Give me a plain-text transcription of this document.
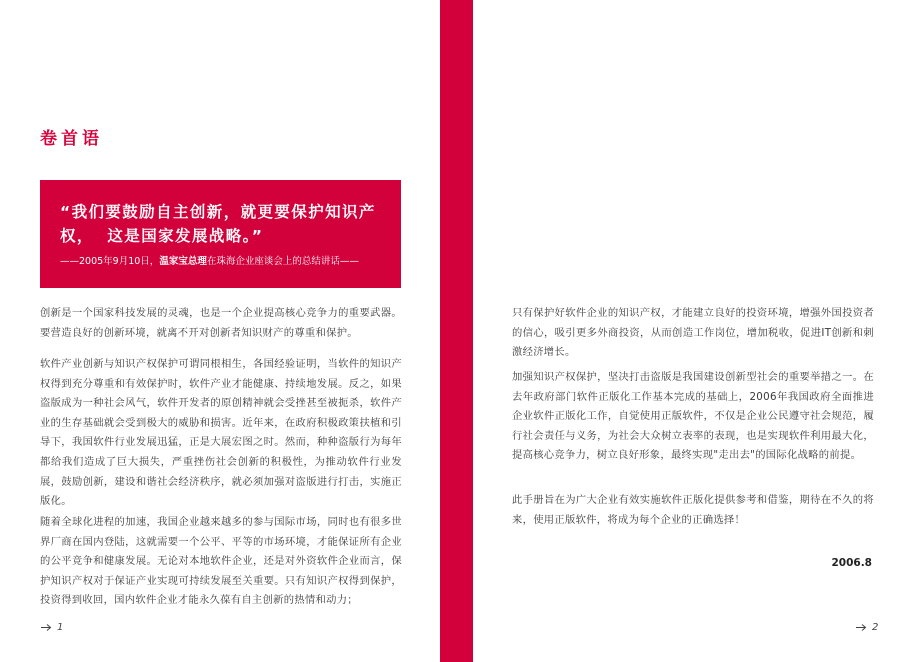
卷首语

“我们要鼓励自主创新，就更要保护知识产权，  这是国家发展战略。”

——2005年9月10日，温家宝总理在珠海企业座谈会上的总结讲话——

创新是一个国家科技发展的灵魂，也是一个企业提高核心竞争力的重要武器。要营造良好的创新环境，就离不开对创新者知识财产的尊重和保护。

软件产业创新与知识产权保护可谓同根相生，各国经验证明，当软件的知识产权得到充分尊重和有效保护时，软件产业才能健康、持续地发展。反之，如果盗版成为一种社会风气，软件开发者的原创精神就会受挫甚至被扼杀，软件产业的生存基础就会受到极大的威胁和损害。近年来，在政府积极政策扶植和引导下，我国软件行业发展迅猛，正是大展宏图之时。然而，种种盗版行为每年都给我们造成了巨大损失，严重挫伤社会创新的积极性，为推动软件行业发展，鼓励创新，建设和谐社会经济秩序，就必须加强对盗版进行打击，实施正版化。

随着全球化进程的加速，我国企业越来越多的参与国际市场，同时也有很多世界厂商在国内登陆，这就需要一个公平、平等的市场环境，才能保证所有企业的公平竞争和健康发展。无论对本地软件企业，还是对外资软件企业而言，保护知识产权对于保证产业实现可持续发展至关重要。只有知识产权得到保护，投资得到收回，国内软件企业才能永久葆有自主创新的热情和动力；

只有保护好软件企业的知识产权，才能建立良好的投资环境，增强外国投资者的信心，吸引更多外商投资，从而创造工作岗位，增加税收，促进IT创新和刺激经济增长。

加强知识产权保护，坚决打击盗版是我国建设创新型社会的重要举措之一。在去年政府部门软件正版化工作基本完成的基础上，2006年我国政府全面推进企业软件正版化工作，自觉使用正版软件，不仅是企业公民遵守社会规范，履行社会责任与义务，为社会大众树立表率的表现，也是实现软件利用最大化，提高核心竞争力，树立良好形象，最终实现"走出去"的国际化战略的前提。

此手册旨在为广大企业有效实施软件正版化提供参考和借鉴，期待在不久的将来，使用正版软件，将成为每个企业的正确选择！

2006.8

1	2
